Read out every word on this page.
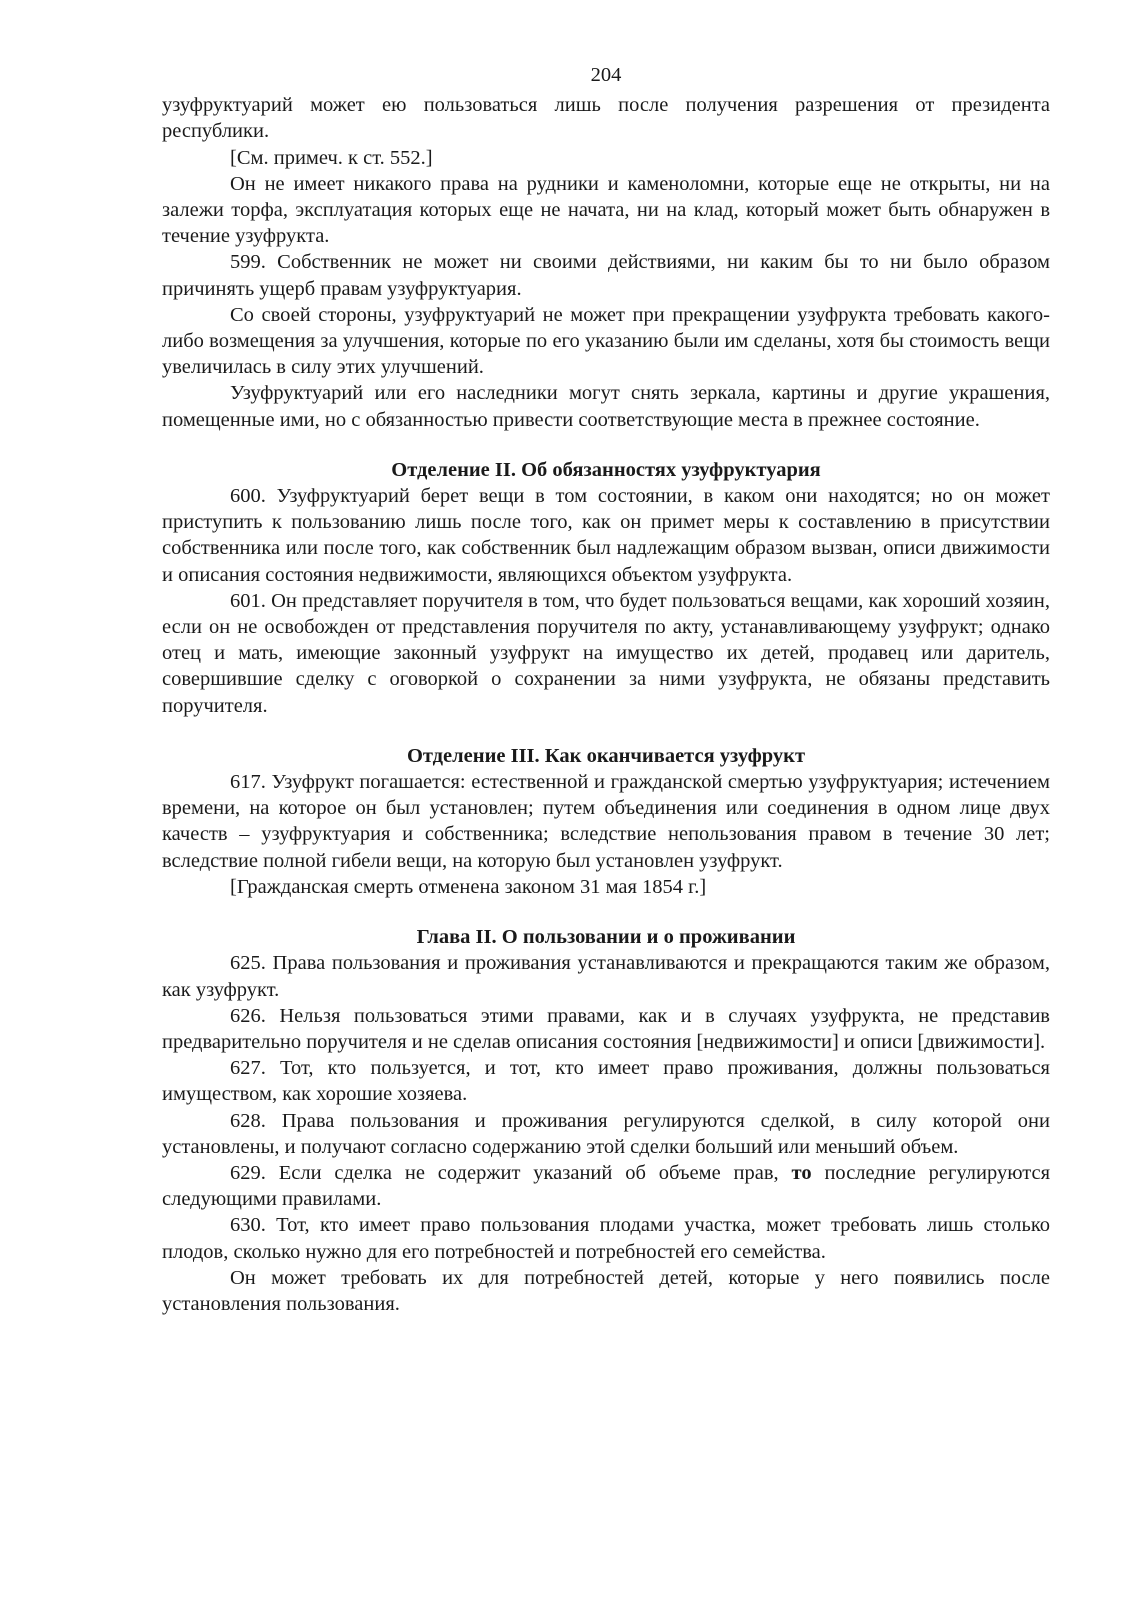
204

узуфруктуарий может ею пользоваться лишь после получения разрешения от президента республики.

[См. примеч. к ст. 552.]

Он не имеет никакого права на рудники и каменоломни, которые еще не открыты, ни на залежи торфа, эксплуатация которых еще не начата, ни на клад, который может быть обнаружен в течение узуфрукта.

599. Собственник не может ни своими действиями, ни каким бы то ни было образом причинять ущерб правам узуфруктуария.

Со своей стороны, узуфруктуарий не может при прекращении узуфрукта требовать какого-либо возмещения за улучшения, которые по его указанию были им сделаны, хотя бы стоимость вещи увеличилась в силу этих улучшений.

Узуфруктуарий или его наследники могут снять зеркала, картины и другие украшения, помещенные ими, но с обязанностью привести соответствующие места в прежнее состояние.

Отделение II. Об обязанностях узуфруктуария

600. Узуфруктуарий берет вещи в том состоянии, в каком они находятся; но он может приступить к пользованию лишь после того, как он примет меры к составлению в присутствии собственника или после того, как собственник был надлежащим образом вызван, описи движимости и описания состояния недвижимости, являющихся объектом узуфрукта.

601. Он представляет поручителя в том, что будет пользоваться вещами, как хороший хозяин, если он не освобожден от представления поручителя по акту, устанавливающему узуфрукт; однако отец и мать, имеющие законный узуфрукт на имущество их детей, продавец или даритель, совершившие сделку с оговоркой о сохранении за ними узуфрукта, не обязаны представить поручителя.

Отделение III. Как оканчивается узуфрукт

617. Узуфрукт погашается: естественной и гражданской смертью узуфруктуария; истечением времени, на которое он был установлен; путем объединения или соединения в одном лице двух качеств – узуфруктуария и собственника; вследствие непользования правом в течение 30 лет; вследствие полной гибели вещи, на которую был установлен узуфрукт.

[Гражданская смерть отменена законом 31 мая 1854 г.]

Глава II. О пользовании и о проживании

625. Права пользования и проживания устанавливаются и прекращаются таким же образом, как узуфрукт.

626. Нельзя пользоваться этими правами, как и в случаях узуфрукта, не представив предварительно поручителя и не сделав описания состояния [недвижимости] и описи [движимости].

627. Тот, кто пользуется, и тот, кто имеет право проживания, должны пользоваться имуществом, как хорошие хозяева.

628. Права пользования и проживания регулируются сделкой, в силу которой они установлены, и получают согласно содержанию этой сделки больший или меньший объем.

629. Если сделка не содержит указаний об объеме прав, то последние регулируются следующими правилами.

630. Тот, кто имеет право пользования плодами участка, может требовать лишь столько плодов, сколько нужно для его потребностей и потребностей его семейства.

Он может требовать их для потребностей детей, которые у него появились после установления пользования.
